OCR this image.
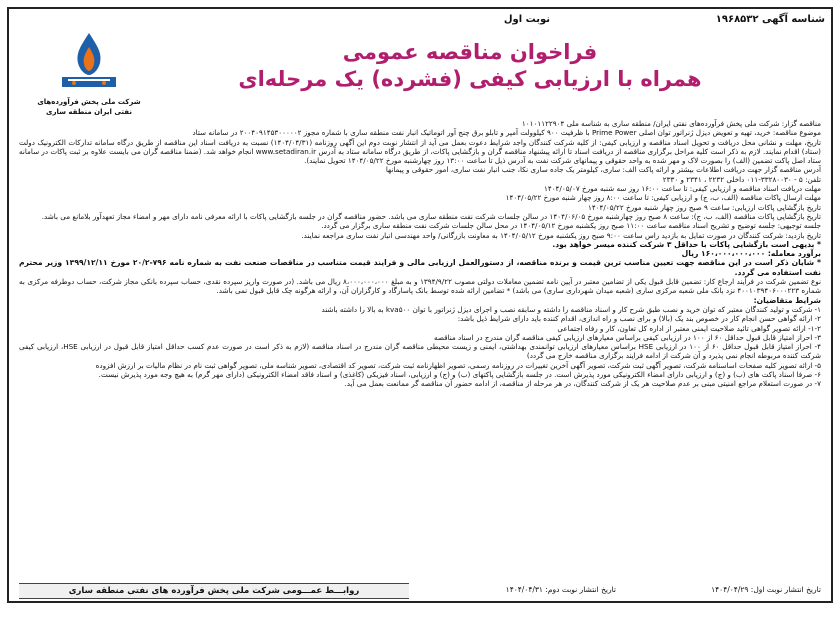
شناسه آگهی ۱۹۶۸۵۳۲
نوبت اول
شرکت ملی پخش فرآورده‌های نفتی ایران منطقه ساری
فراخوان مناقصه عمومی
همراه با ارزیابی کیفی (فشرده) یک مرحله‌ای

مناقصه گزار: شرکت ملی پخش فرآورده‌های نفتی ایران/ منطقه ساری به شناسه ملی ۱۰۱۰۱۱۲۲۹۰۴

موضوع مناقصه: خرید، تهیه و تعویض دیزل ژنراتور توان اصلی Prime Power با ظرفیت ۹۰۰ کیلوولت آمپر و تابلو برق چنج آور اتوماتیک انبار نفت منطقه ساری با شماره مجوز ۲۰۰۴۰۹۱۴۵۳۰۰۰۰۰۲ در سامانه ستاد

تاریخ، مهلت و نشانی محل دریافت و تحویل اسناد مناقصه و ارزیابی کیفی: از کلیه شرکت کنندگان واجد شرایط دعوت بعمل می آید از انتشار نوبت دوم این آگهی روزنامه (۱۴۰۴/۰۴/۳۱) نسبت به دریافت اسناد این مناقصه از طریق درگاه سامانه تدارکات الکترونیک دولت (ستاد) اقدام نمایند. لازم به ذکر است کلیه مراحل برگزاری مناقصه از دریافت اسناد تا ارائه پیشنهاد مناقصه گران و بازگشایی پاکات، از طریق درگاه سامانه ستاد به آدرس www.setadiran.ir انجام خواهد شد. (ضمنا مناقصه گران می بایست علاوه بر ثبت پاکات در سامانه ستاد اصل پاکت تضمین (الف) را بصورت لاک و مهر شده به واحد حقوقی و پیمانهای شرکت نفت به آدرس ذیل تا ساعت ۱۳:۰۰ روز چهارشنبه مورخ ۱۴۰۴/۰۵/۲۲ تحویل نمایند).

آدرس مناقصه گزار جهت دریافت اطلاعات بیشتر و ارائه پاکت الف: ساری، کیلومتر یک جاده ساری نکا، جنب انبار نفت ساری، امور حقوقی و پیمانها

تلفن: ۵ - ۳۳۲۸۰۰۳۰-۰۱۱ داخلی ۲۲۳۲ ، ۲۳۴۱ و ۲۳۳۰

مهلت دریافت اسناد مناقصه و ارزیابی کیفی: تا ساعت ۱۶:۰۰ روز سه شنبه مورخ ۱۴۰۴/۰۵/۰۷

مهلت ارسال پاکات مناقصه (الف، ب، ج) و ارزیابی کیفی: تا ساعت ۸:۰۰ روز چهار شنبه مورخ ۱۴۰۴/۰۵/۲۲

تاریخ بازگشایی پاکات ارزیابی: ساعت ۹ صبح روز چهار شنبه مورخ ۱۴۰۴/۰۵/۲۲

تاریخ بازگشایی پاکات مناقصه (الف، ب، ج): ساعت ۸ صبح روز چهارشنبه مورخ ۱۴۰۴/۰۶/۰۵ در سالن جلسات شرکت نفت منطقه ساری می باشد. حضور مناقصه گران در جلسه بازگشایی پاکات با ارائه معرفی نامه دارای مهر و امضاء مجاز تعهدآور بلامانع می باشد.

جلسه توجیهی: جلسه توضیح و تشریح اسناد مناقصه ساعت ۱۱:۰۰ صبح روز یکشنبه مورخ ۱۴۰۴/۰۵/۱۲ در محل سالن جلسات شرکت نفت منطقه ساری برگزار می گردد.

تاریخ بازدید: شرکت کنندگان در صورت تمایل به بازدید راس ساعت ۹:۰۰ صبح روز یکشنبه مورخ ۱۴۰۴/۰۵/۱۲ به معاونت بازرگانی/ واحد مهندسی انبار نفت ساری مراجعه نمایند.

* بدیهی است بازگشایی پاکات با حداقل ۳ شرکت کننده میسر خواهد بود.

برآورد معامله: ۱۶۰،۰۰۰،۰۰۰،۰۰۰ ریال

* شایان ذکر است در این مناقصه جهت تعیین مناسب ترین قیمت و برنده مناقصه، از دستورالعمل ارزیابی مالی و فرایند قیمت متناسب در مناقصات صنعت نفت به شماره نامه ۷۹۶-۲۰/۲ مورخ ۱۳۹۹/۱۲/۱۱ وزیر محترم نفت استفاده می گردد.

نوع تضمین شرکت در فرآیند ارجاع کار: تضمین قابل قبول یکی از تضامین معتبر در آیین نامه تضمین معاملات دولتی مصوب ۱۳۹۴/۹/۲۲ و به مبلغ ۸،۰۰۰،۰۰۰،۰۰۰ ریال می باشد. (در صورت واریز سپرده نقدی، حساب سپرده بانکی مجاز شرکت، حساب دوطرفه مرکزی به شماره ۴۰۰۱۰۳۹۴۰۶۰۰۰۲۲۳ نزد بانک ملی شعبه مرکزی ساری (شعبه میدان شهرداری ساری) می باشد) * تضامین ارائه شده توسط بانک پاسارگاد و کارگزاران آن، و ارائه هرگونه چک قابل قبول نمی باشد.

شرایط متقاضیان:

۱- شرکت و تولید کنندگان معتبر که توان خرید و نصب طبق شرح کار و اسناد مناقصه را داشته و سابقه نصب و اجرای دیزل ژنراتور با توان kva۵۰۰ به بالا را داشته باشند

۲- ارائه گواهی حسن انجام کار در خصوص بند یک (بالا) و برای نصب و راه اندازی، اقدام کننده باید دارای شرایط ذیل باشد:

۱-۲- ارائه تصویر گواهی تائید صلاحیت ایمنی معتبر از اداره کل تعاون، کار و رفاه اجتماعی

۳- احراز امتیاز قابل قبول حداقل ۶۰ از ۱۰۰ در ارزیابی کیفی براساس معیارهای ارزیابی کیفی مناقصه گران مندرج در اسناد مناقصه

۴- احراز امتیاز قابل قبول حداقل ۶۰ از ۱۰۰ در ارزیابی HSE براساس معیارهای ارزیابی توانمندی بهداشتی، ایمنی و زیست محیطی مناقصه گران مندرج در اسناد مناقصه (لازم به ذکر است در صورت عدم کسب حداقل امتیاز قابل قبول در ارزیابی HSE، ارزیابی کیفی شرکت کننده مربوطه انجام نمی پذیرد و آن شرکت از ادامه فرایند برگزاری مناقصه خارج می گردد)

۵- ارائه تصویر کلیه صفحات اساسنامه شرکت، تصویر آگهی ثبت شرکت، تصویر آگهی آخرین تغییرات در روزنامه رسمی، تصویر اظهارنامه ثبت شرکت، تصویر کد اقتصادی، تصویر شناسه ملی، تصویر گواهی ثبت نام در نظام مالیات بر ارزش افزوده

۶- صرفا اسناد پاکت های (ب) و (ج) و ارزیابی دارای امضاء الکترونیکی مورد پذیرش است. در جلسه بازگشایی پاکتهای (ب) و (ج) و ارزیابی، اسناد فیزیکی (کاغذی) و اسناد فاقد امضاء الکترونیکی (دارای مهر گرم) به هیچ وجه مورد پذیرش نیست.

۷- در صورت استعلام مراجع امنیتی مبنی بر عدم صلاحیت هر یک از شرکت کنندگان، در هر مرحله از مناقصه، از ادامه حضور آن مناقصه گر ممانعت بعمل می آید.

تاریخ انتشار نوبت اول: ۱۴۰۴/۰۴/۲۹
تاریخ انتشار نوبت دوم: ۱۴۰۴/۰۴/۳۱
روابـــط عمـــومی شرکت ملی پخش فرآورده های نفتی منطقه ساری
